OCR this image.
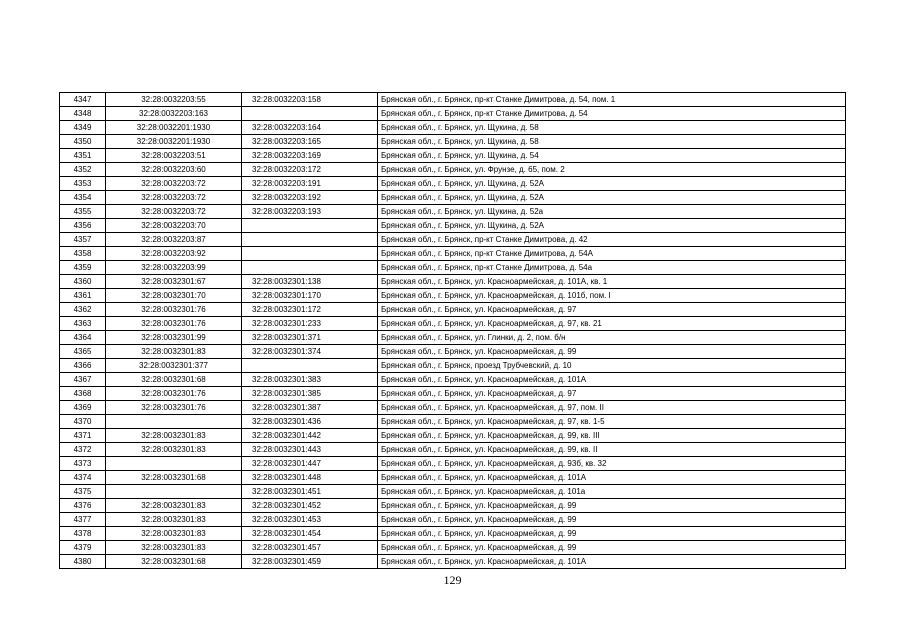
4347	32:28:0032203:55	32:28:0032203:158	Брянская обл., г. Брянск, пр-кт Станке Димитрова, д. 54, пом. 1
4348	32:28:0032203:163		Брянская обл., г. Брянск, пр-кт Станке Димитрова, д. 54
4349	32:28:0032201:1930	32:28:0032203:164	Брянская обл., г. Брянск, ул. Щукина, д. 58
4350	32:28:0032201:1930	32:28:0032203:165	Брянская обл., г. Брянск, ул. Щукина, д. 58
4351	32:28:0032203:51	32:28:0032203:169	Брянская обл., г. Брянск, ул. Щукина, д. 54
4352	32:28:0032203:60	32:28:0032203:172	Брянская обл., г. Брянск, ул. Фрунзе, д. 65, пом. 2
4353	32:28:0032203:72	32:28:0032203:191	Брянская обл., г. Брянск, ул. Щукина, д. 52А
4354	32:28:0032203:72	32:28:0032203:192	Брянская обл., г. Брянск, ул. Щукина, д. 52А
4355	32:28:0032203:72	32:28:0032203:193	Брянская обл., г. Брянск, ул. Щукина, д. 52а
4356	32:28:0032203:70		Брянская обл., г. Брянск, ул. Щукина, д. 52А
4357	32:28:0032203:87		Брянская обл., г. Брянск, пр-кт Станке Димитрова, д. 42
4358	32:28:0032203:92		Брянская обл., г. Брянск, пр-кт Станке Димитрова, д. 54А
4359	32:28:0032203:99		Брянская обл., г. Брянск, пр-кт Станке Димитрова, д. 54а
4360	32:28:0032301:67	32:28:0032301:138	Брянская обл., г. Брянск, ул. Красноармейская, д. 101А, кв. 1
4361	32:28:0032301:70	32:28:0032301:170	Брянская обл., г. Брянск, ул. Красноармейская, д. 101б, пом. I
4362	32:28:0032301:76	32:28:0032301:172	Брянская обл., г. Брянск, ул. Красноармейская, д. 97
4363	32:28:0032301:76	32:28:0032301:233	Брянская обл., г. Брянск, ул. Красноармейская, д. 97, кв. 21
4364	32:28:0032301:99	32:28:0032301:371	Брянская обл., г. Брянск, ул. Глинки, д. 2, пом. б/н
4365	32:28:0032301:83	32:28:0032301:374	Брянская обл., г. Брянск, ул. Красноармейская, д. 99
4366	32:28:0032301:377		Брянская обл., г. Брянск, проезд Трубчевский, д. 10
4367	32:28:0032301:68	32:28:0032301:383	Брянская обл., г. Брянск, ул. Красноармейская, д. 101А
4368	32:28:0032301:76	32:28:0032301:385	Брянская обл., г. Брянск, ул. Красноармейская, д. 97
4369	32:28:0032301:76	32:28:0032301:387	Брянская обл., г. Брянск, ул. Красноармейская, д. 97, пом. II
4370		32:28:0032301:436	Брянская обл., г. Брянск, ул. Красноармейская, д. 97, кв. 1-5
4371	32:28:0032301:83	32:28:0032301:442	Брянская обл., г. Брянск, ул. Красноармейская, д. 99, кв. III
4372	32:28:0032301:83	32:28:0032301:443	Брянская обл., г. Брянск, ул. Красноармейская, д. 99, кв. II
4373		32:28:0032301:447	Брянская обл., г. Брянск, ул. Красноармейская, д. 93б, кв. 32
4374	32:28:0032301:68	32:28:0032301:448	Брянская обл., г. Брянск, ул. Красноармейская, д. 101А
4375		32:28:0032301:451	Брянская обл., г. Брянск, ул. Красноармейская, д. 101а
4376	32:28:0032301:83	32:28:0032301:452	Брянская обл., г. Брянск, ул. Красноармейская, д. 99
4377	32:28:0032301:83	32:28:0032301:453	Брянская обл., г. Брянск, ул. Красноармейская, д. 99
4378	32:28:0032301:83	32:28:0032301:454	Брянская обл., г. Брянск, ул. Красноармейская, д. 99
4379	32:28:0032301:83	32:28:0032301:457	Брянская обл., г. Брянск, ул. Красноармейская, д. 99
4380	32:28:0032301:68	32:28:0032301:459	Брянская обл., г. Брянск, ул. Красноармейская, д. 101А
129
